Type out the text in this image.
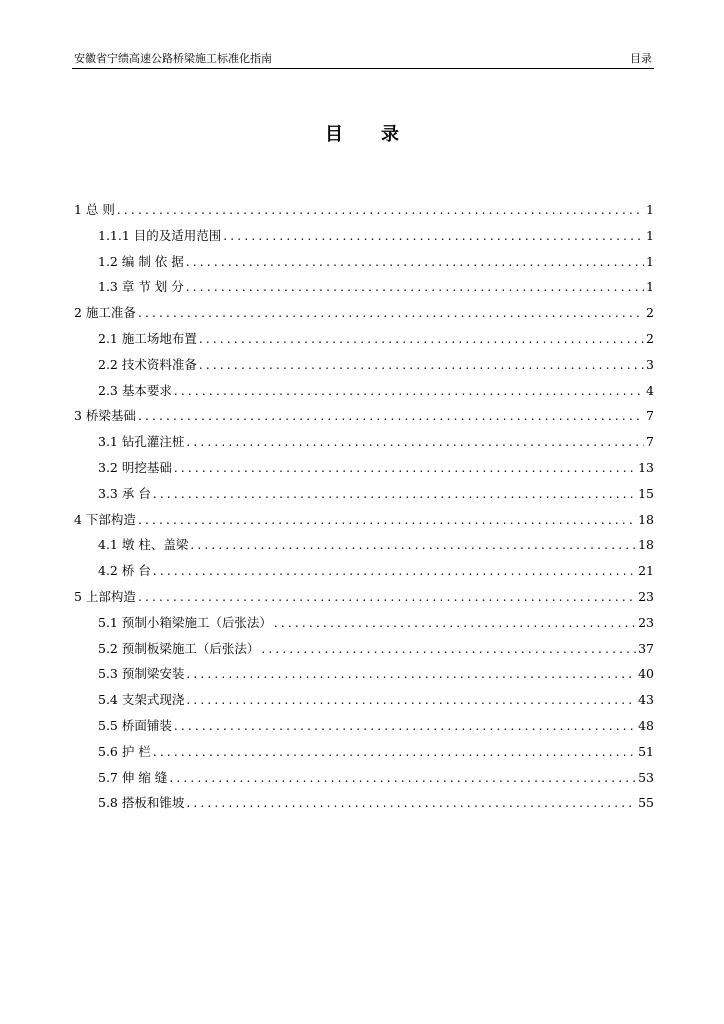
安徽省宁绩高速公路桥梁施工标准化指南	目录
目录
1 总 则 .....	1
1.1.1 目的及适用范围 .....	1
1.2 编 制 依 据 .....	1
1.3 章 节 划 分 .....	1
2 施工准备 .....	2
2.1 施工场地布置 .....	2
2.2 技术资料准备 .....	3
2.3 基本要求 .....	4
3 桥梁基础 .....	7
3.1 钻孔灌注桩 .....	7
3.2 明挖基础 .....	13
3.3 承 台 .....	15
4 下部构造 .....	18
4.1 墩 柱、盖梁 .....	18
4.2 桥 台 .....	21
5 上部构造 .....	23
5.1 预制小箱梁施工（后张法） .....	23
5.2 预制板梁施工（后张法） .....	37
5.3 预制梁安装 .....	40
5.4 支架式现浇 .....	43
5.5 桥面铺装 .....	48
5.6 护 栏 .....	51
5.7 伸 缩 缝 .....	53
5.8 搭板和锥坡 .....	55
